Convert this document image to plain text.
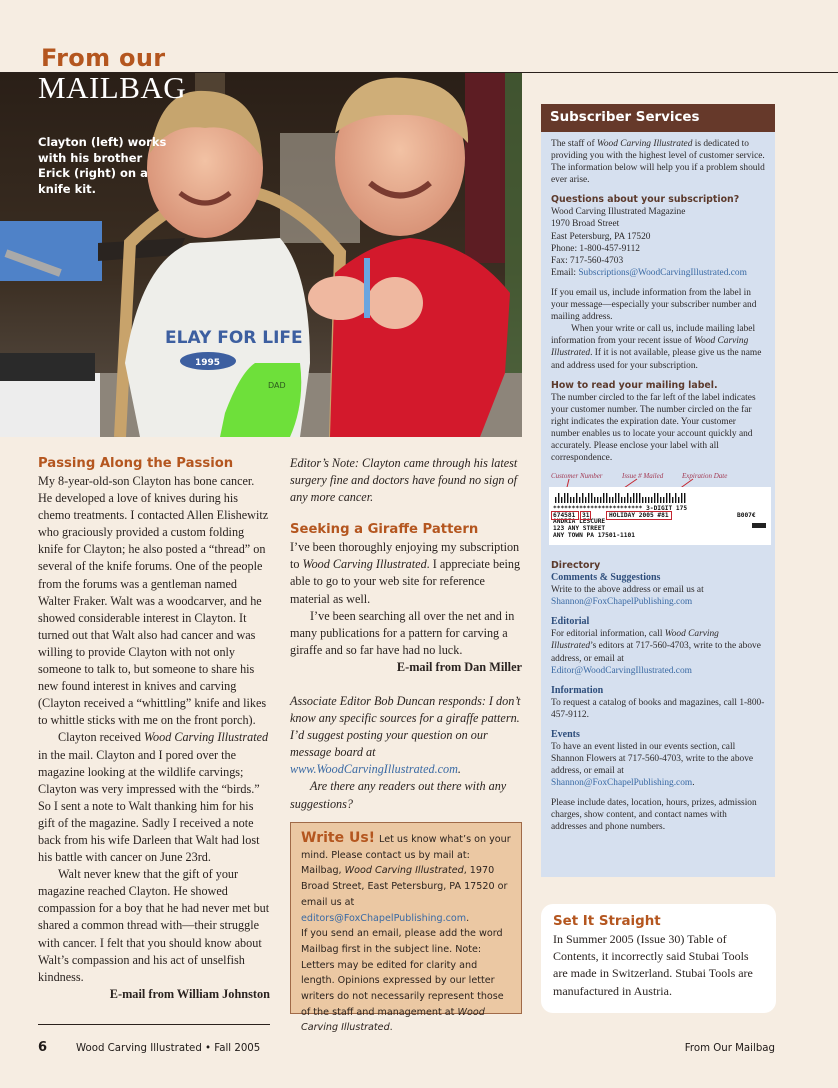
From our
MAILBAG
ELAY FOR LIFE
1995
DAD
Clayton (left) works with his brother Erick (right) on a knife kit.
Passing Along the Passion

My 8-year-old-son Clayton has bone cancer. He developed a love of knives during his chemo treatments. I contacted Allen Elishewitz who graciously provided a custom folding knife for Clayton; he also posted a “thread” on several of the knife forums. One of the people from the forums was a gentleman named Walter Fraker. Walt was a woodcarver, and he showed considerable interest in Clayton. It turned out that Walt also had cancer and was willing to provide Clayton with not only someone to talk to, but someone to share his new found interest in knives and carving (Clayton received a “whittling” knife and likes to whittle sticks with me on the front porch).

Clayton received Wood Carving Illustrated in the mail. Clayton and I pored over the magazine looking at the wildlife carvings; Clayton was very impressed with the “birds.” So I sent a note to Walt thanking him for his gift of the magazine. Sadly I received a note back from his wife Darleen that Walt had lost his battle with cancer on June 23rd.

Walt never knew that the gift of your magazine reached Clayton. He showed compassion for a boy that he had never met but shared a common thread with—their struggle with cancer. I felt that you should know about Walt’s compassion and his act of unselfish kindness.

E-mail from William Johnston
Editor’s Note: Clayton came through his latest surgery fine and doctors have found no sign of any more cancer.
Seeking a Giraffe Pattern

I’ve been thoroughly enjoying my subscription to Wood Carving Illustrated. I appreciate being able to go to your web site for reference material as well.

I’ve been searching all over the net and in many publications for a pattern for carving a giraffe and so far have had no luck.

E-mail from Dan Miller

Associate Editor Bob Duncan responds: I don’t know any specific sources for a giraffe pattern. I’d suggest posting your question on our message board at www.WoodCarvingIllustrated.com.

Are there any readers out there with any suggestions?

Write Us! Let us know what’s on your mind. Please contact us by mail at: Mailbag, Wood Carving Illustrated, 1970 Broad Street, East Petersburg, PA 17520 or email us at editors@FoxChapelPublishing.com.
If you send an email, please add the word Mailbag first in the subject line. Note: Letters may be edited for clarity and length. Opinions expressed by our letter writers do not necessarily represent those of the staff and management at Wood Carving Illustrated.
Subscriber Services

The staff of Wood Carving Illustrated is dedicated to providing you with the highest level of customer service. The information below will help you if a problem should ever arise.

Questions about your subscription?
Wood Carving Illustrated Magazine
1970 Broad Street
East Petersburg, PA 17520
Phone: 1-800-457-9112
Fax: 717-560-4703
Email: Subscriptions@WoodCarvingIllustrated.com

If you email us, include information from the label in your message—especially your subscriber number and mailing address.

When your write or call us, include mailing label information from your recent issue of Wood Carving Illustrated. If it is not available, please give us the name and address used for your subscription.

How to read your mailing label.

The number circled to the far left of the label indicates your customer number. The number circled on the far right indicates the expiration date. Your customer number enables us to locate your account quickly and accurately. Please enclose your label with all correspondence.

Customer Number	Issue # Mailed	Expiration Date
************************ 3-DIGIT 175
674581 31	HOLIDAY 2005 #81	B007€
ANDRIA LESCURE
123 ANY STREET
ANY TOWN PA 17501-1101
Directory
Comments & Suggestions
Write to the above address or email us at Shannon@FoxChapelPublishing.com
Editorial
For editorial information, call Wood Carving Illustrated’s editors at 717-560-4703, write to the above address, or email at Editor@WoodCarvingIllustrated.com
Information
To request a catalog of books and magazines, call 1-800-457-9112.
Events
To have an event listed in our events section, call Shannon Flowers at 717-560-4703, write to the above address, or email at Shannon@FoxChapelPublishing.com.

Please include dates, location, hours, prizes, admission charges, show content, and contact names with addresses and phone numbers.

Set It Straight
In Summer 2005 (Issue 30) Table of Contents, it incorrectly said Stubai Tools are made in Switzerland. Stubai Tools are manufactured in Austria.
6	Wood Carving Illustrated • Fall 2005	From Our Mailbag
